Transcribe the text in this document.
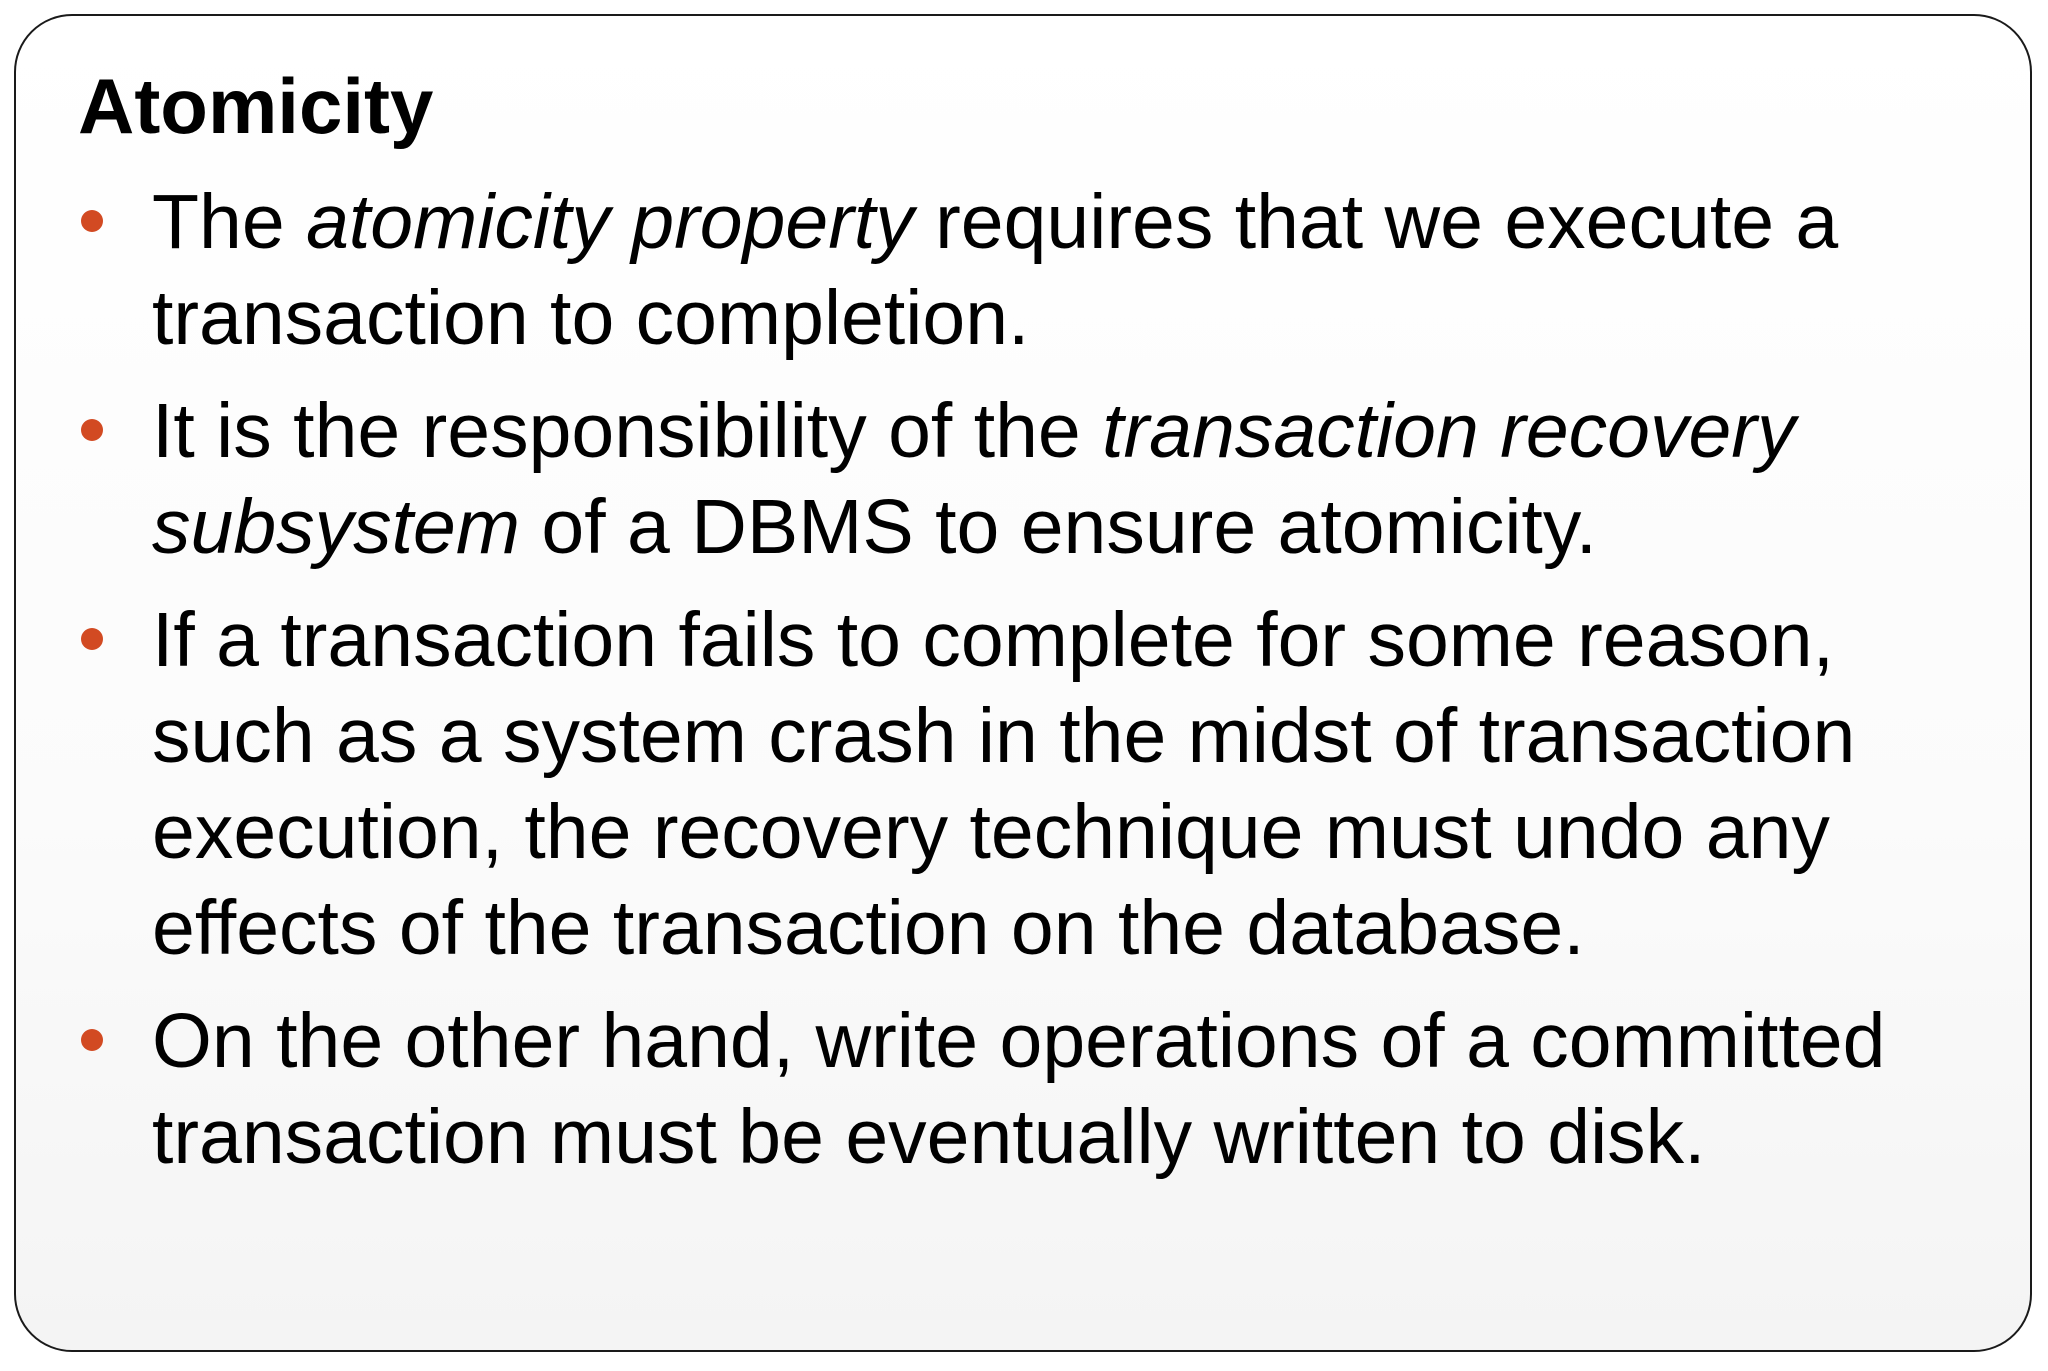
Atomicity
The atomicity property requires that we execute a transaction to completion.
It is the responsibility of the transaction recovery subsystem of a DBMS to ensure atomicity.
If a transaction fails to complete for some reason, such as a system crash in the midst of transaction execution, the recovery technique must undo any effects of the transaction on the database.
On the other hand, write operations of a committed transaction must be eventually written to disk.
